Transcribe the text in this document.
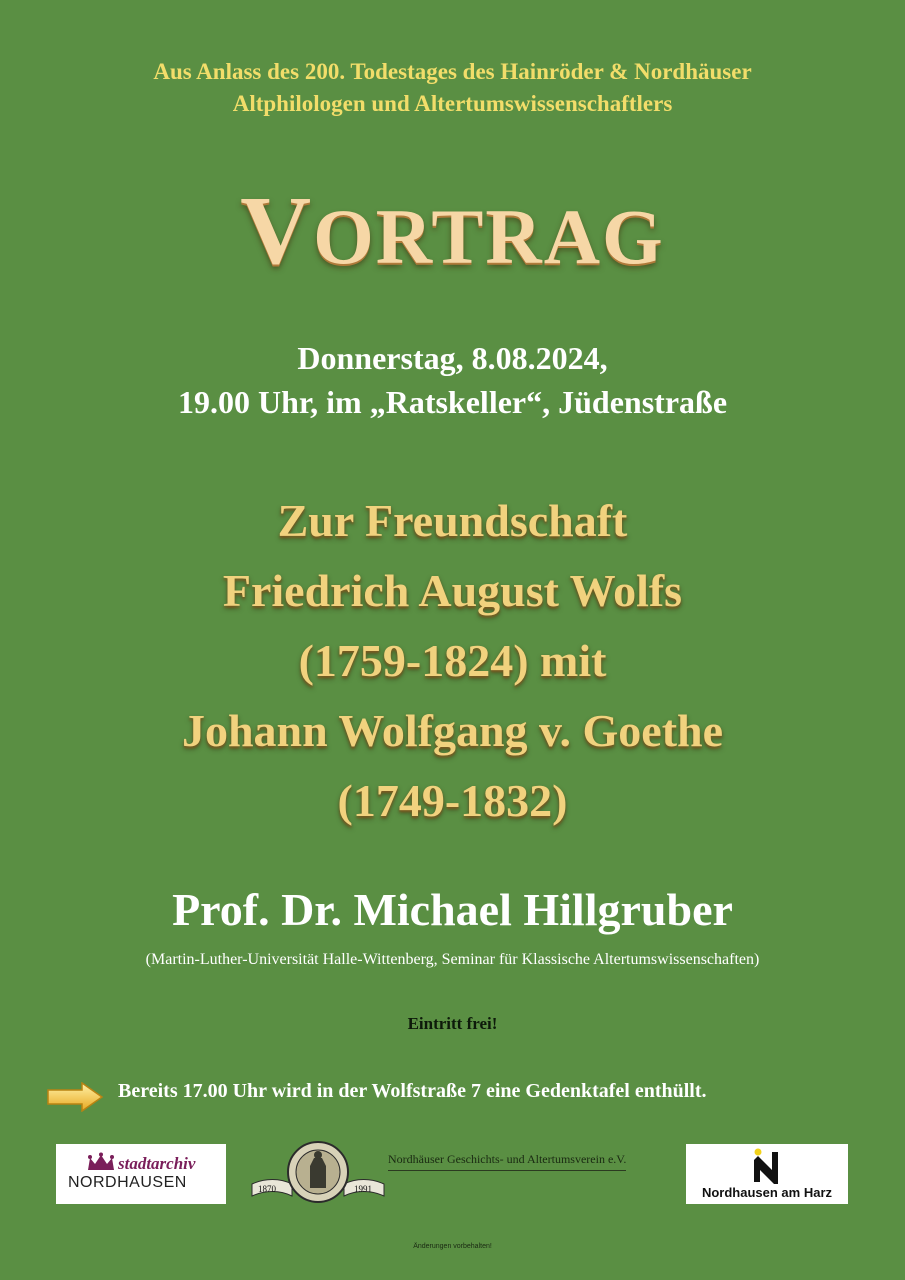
Aus Anlass des 200. Todestages des Hainröder & Nordhäuser
Altphilologen und Altertumswissenschaftlers
VORTRAG
Donnerstag, 8.08.2024,
19.00 Uhr, im „Ratskeller“, Jüdenstraße
Zur Freundschaft
Friedrich August Wolfs
(1759-1824) mit
Johann Wolfgang v. Goethe
(1749-1832)
Prof. Dr. Michael Hillgruber
(Martin-Luther-Universität Halle-Wittenberg, Seminar für Klassische Altertumswissenschaften)
Eintritt frei!
Bereits 17.00 Uhr wird in der Wolfstraße 7 eine Gedenktafel enthüllt.
stadtarchiv
NORDHAUSEN	1870	1991
Nordhäuser Geschichts- und Altertumsverein e.V.
Nordhausen am Harz
Änderungen vorbehalten!
